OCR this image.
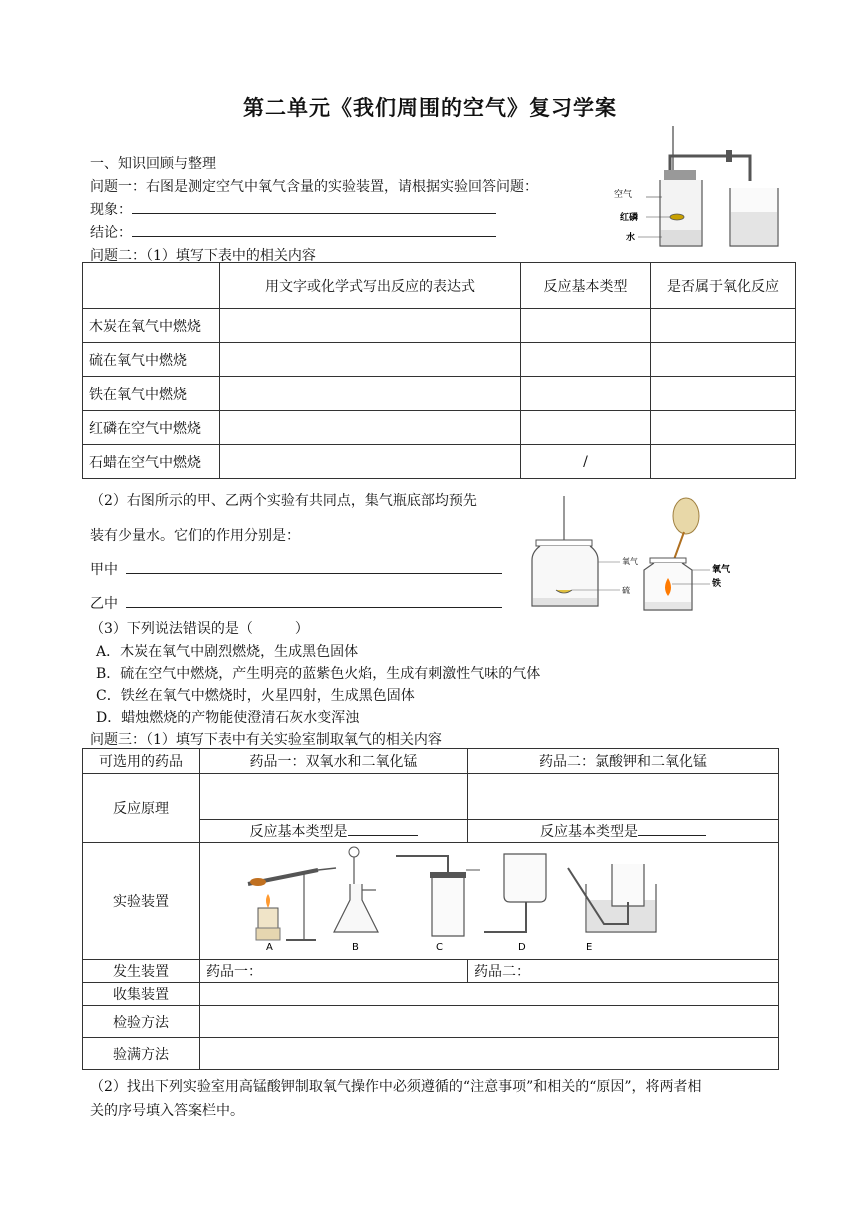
第二单元《我们周围的空气》复习学案
一、知识回顾与整理
问题一：右图是测定空气中氧气含量的实验装置，请根据实验回答问题：
现象：
结论：
空气
红磷
水
问题二：（1）填写下表中的相关内容
	用文字或化学式写出反应的表达式	反应基本类型	是否属于氧化反应
木炭在氧气中燃烧			
硫在氧气中燃烧			
铁在氧气中燃烧			
红磷在空气中燃烧			
石蜡在空气中燃烧		/	
（2）右图所示的甲、乙两个实验有共同点，集气瓶底部均预先
装有少量水。它们的作用分别是：
甲中
乙中
氧气
硫
氧气
铁
（3）下列说法错误的是（　　　）
A．木炭在氧气中剧烈燃烧，生成黑色固体
B．硫在空气中燃烧，产生明亮的蓝紫色火焰，生成有刺激性气味的气体
C．铁丝在氧气中燃烧时，火星四射，生成黑色固体
D．蜡烛燃烧的产物能使澄清石灰水变浑浊
问题三：（1）填写下表中有关实验室制取氧气的相关内容
可选用的药品	药品一：双氧水和二氧化锰	药品二：氯酸钾和二氧化锰
反应原理		
	反应基本类型是	反应基本类型是
实验装置	A B C D E	

发生装置	药品一：	药品二：
收集装置		
检验方法		
验满方法		
（2）找出下列实验室用高锰酸钾制取氧气操作中必须遵循的“注意事项”和相关的“原因”，将两者相
关的序号填入答案栏中。
